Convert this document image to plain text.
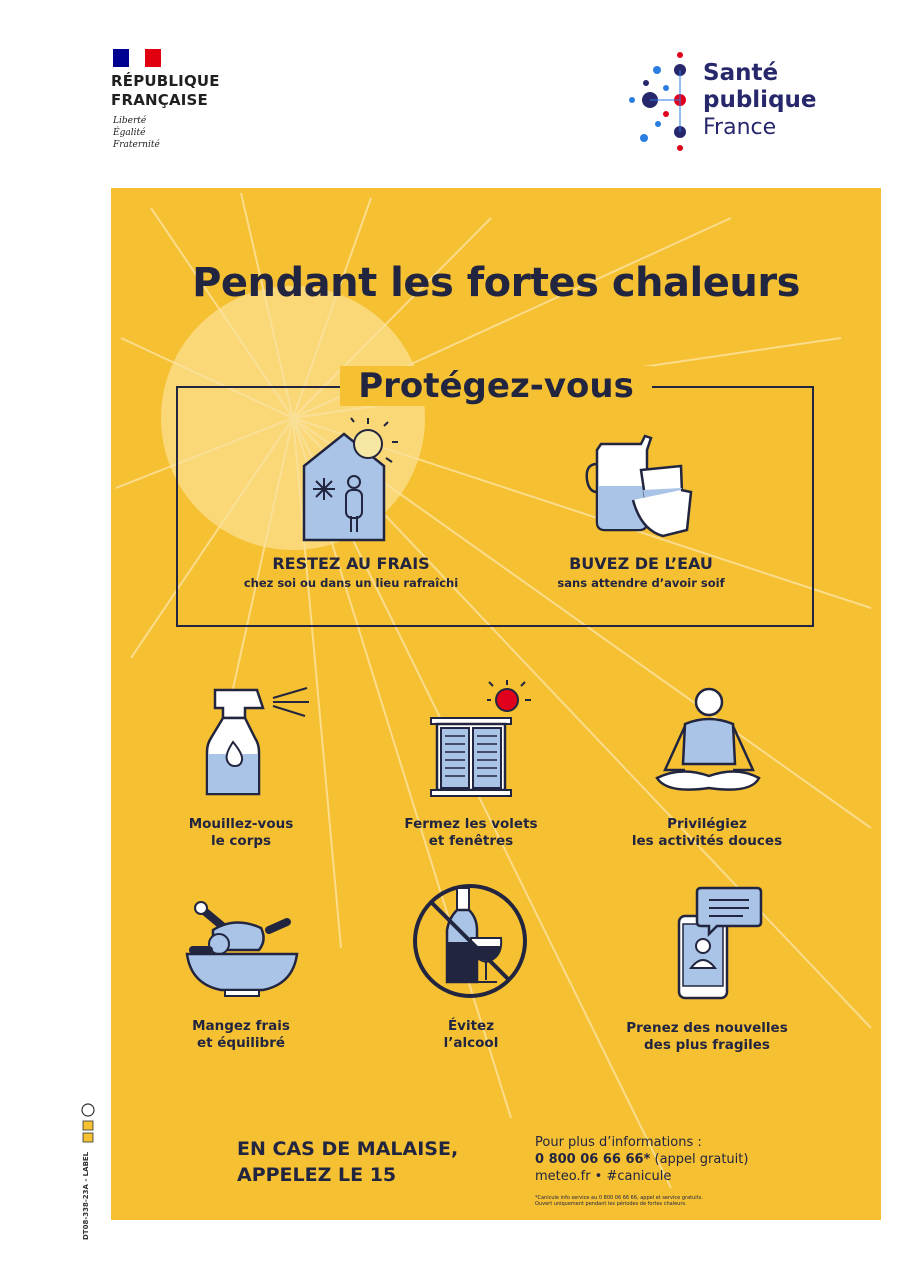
RÉPUBLIQUE
FRANÇAISE
Liberté
Égalité
Fraternité
Santé
publique
France
Pendant les fortes chaleurs
Protégez-vous
RESTEZ AU FRAIS
chez soi ou dans un lieu rafraîchi
BUVEZ DE L’EAU
sans attendre d’avoir soif
Mouillez-vous
le corps
Fermez les volets
et fenêtres
Privilégiez
les activités douces
Mangez frais
et équilibré
Évitez
l’alcool
Prenez des nouvelles
des plus fragiles
EN CAS DE MALAISE,
APPELEZ LE 15
Pour plus d’informations :
0 800 06 66 66* (appel gratuit)
meteo.fr • #canicule
*Canicule info service au 0 800 06 66 66, appel et service gratuits.
Ouvert uniquement pendant les périodes de fortes chaleurs.
DT08-338-23A - LABEL
